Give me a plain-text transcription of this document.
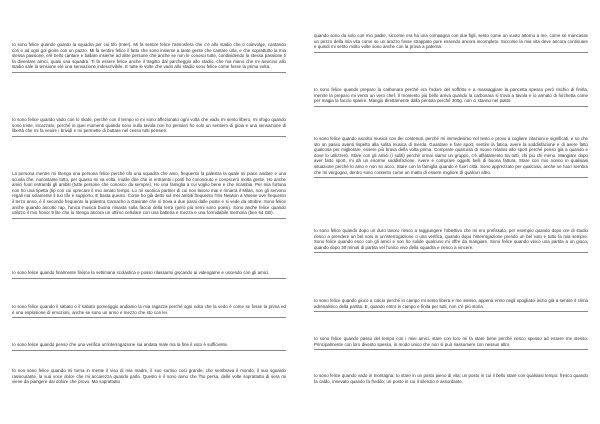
Io sono felice quando guardo la squadra per cui tifo (Inter). Mi fa sentire felice l'atmosfera che c'è allo stadio che ti coinvolge, cantando cori e ad ogni gol gioire con un pazzo. Mi fa sentire felice il fatto che sono insieme a tante gente che cantare urla, e che soprattutto la mia stessa passione, e/è bello cantare e ballare insieme ad altre persone che anche se non le conosci tutte, condividendo la stessa passione ti fa diventare amici, quasi una squadra. Ti fa essere felice anche il tragitto dal parcheggio allo stadio, che ma mano che mi avvicino allo stadio sale la tensione e/è una sensazione indescrivibile. E tutte le volte che vado allo stadio sono felice come fosse la prima volta.
Io sono felice quando vado con lo skate, perché con il tempo io mi sono affezionato ogni volta che vado mi sento libero, mi sfogo quando sono triste, incazzato, perché in quei momenti quando sono sulla tavola non ho pensieri ho solo un sentiero di gioia e una sensazione di libertà che mi fa venire i brividi e mi permette di buttare nel cesso tutti pensieri.
La persona mentre mi ritengo una persona felice perché tifo una squadra che amo, frequento la palestra la quale mi piace andare e una scuola che, nonostante tutto, per quanto mi va volta. Inutile dire che in entrambi i posti ho conosciuto e conoscerò molta gente. Ho anche amici fuori entrambi gli ambiti (tutte persone che conosco da sempre). Ho una famiglia a cui voglio bene e che ricambia. Per mia fortuna non ho una tipetta (tip con cui sprecare il mio amato tempo. Lo mi suonica partner di cui non lavoro mai e rimarrà il Milan, non gli servono regali ma solamente il tuo tifo e supporto. E basta questo. Come ho già detto sul mei ambiti frequento l'Iris Newton a Varese ove frequento il terzo anno, è il secondo frequento la palestra Camacho a Gavirate che si trova a due passi dalle poste e si vede da ottobre. Sono felice anche quando ascolto rap, l'unica musica buona rimasta sulla faccia della terra (però più semi sono poesi). Sono anche felice quando utilizzo il mio honor 9 lite che lo ritengo ancora un ottimo cellulare con una batteria e mezza e una formidabile memoria (ben 64 GB).
Io sono felice quando finalmente finisce la settimana scolastica e posso rilassarmi giocando ai videogame e uscendo con gli amici.
Io sono felice quando il sabato o il sabato pomeriggio andiamo la mia ragazza perché ogni volta che la vedo è come se fosse la prima ed è una esplosione di emozioni, anche se sono un anno e mezzo che sto con lei.
Io sono felice quando penso che una verifica un'interrogazione sia andata male ma la fine il voto è sufficiente.
Io non sono felice quando mi torna in mente il viso di mia madre, il suo sorriso così grande, che sembrava il mondo, il suo sguardo rassicurante, la sua voce dolce che mi accarezza quando parla. Questo è il nono anno che l'ho persa, delle volte soprattutto di sera mi viene da piangere dal dolore che provo. Ma soprattutto
quando sono da solo con mio padre, siccome era ha una compagna con due figli, sento come un vuoto attorno a me, come se mancasse un pezzo della mia vita come se un arazzo fosse strappato pure essendo ancora incompleto. Siccome la mia vita deve ancora continuare e quindi mi sento molto volte sono anche con la prova a paterna.
Io sono felice quando preparo la carbonara perché era l'odore del soffritto e a massaggiare la pancetta spesso però rischio di finirla, mentre la preparo mi vento un vero chef. Il momento più bello arriva quando la carbonara si trova a tavola e io armato di forchetta come per magia la faccio sparire. Mangio direttamente dalla pentola perché 300g. non ci stanno nel piatto.
Io sono felice quando ascolto musica con dei contenuti, perché mi immedesimo nel testo e provo a cogliere citazioni e significati, e so che sto un passo avanti rispetto alla solita musica di merda. Guardare e fare sport, sentire la fatica, avere la soddisfazione e di avere fatto qualcosa per migliorare, essere più brava della volta prima. Comprare qualcosa di nuovo relativo allo sport perché penso già a quando e dove lo utilizzerò. Stare con gli amici (i soliti) perché ormai siamo un gruppo, c'è affiatamento tra tutti, chi più chi meno. Mangiare dopo aver fatto sport, mi dà un enorme soddisfazione. Avere e comprare oggetti belli di buona fattura. Stare con mio nonno in qualsiasi situazione perché lo amo e non so acco. Stare con la famiglia quando è fuori città. Sono apprezzato per qualcosa, anche se fuori sembra che mi vergogno, dentro sono contento come un matto di essere migliore di qualcun altro.
Io sono felice quando dopo un duro lavoro riesco a raggiungere l'obiettivo che mi ero prefissato, per esempio quando dopo ore di studio riesco a prendere un bel voto in un'interrogazione o una verifica, quando dopo l'interrogazione prendo un bel voto e tutto fa mia sempre. Sono felice quando esco con gli amici e non ho solide qualcuno mi offre da mangiare. Sono felice quando vinco una partita a un gioco, quando dopo 30 minuti di partita vel l'unico vivo della squadra e riesco a vincere.
Io sono felice quando gioco a calcio perché in campo mi sento libera e me stesso, appena entro negli spogliatoi inizio già a sentire il clima adrenalinico della partita. E, quando entro in campo e finita per tutti, non c'è più storia.
Io sono felice quando passo del tempo con i miei amici, stare con loro mi fa stare bene perché riesco spesso ad essere me stesso. Principalmente con loro divento spesso, in modo unico che non si può riassumere con nessun altro.
Io sono felice quando vado in montagna. Io stare in un posto pieno di vita; un posto in cui il bello stare con qualsiasi tempo: fresco quando fa caldo, innevato quando fa freddo; un posto in cui il silenzio è assordante,
